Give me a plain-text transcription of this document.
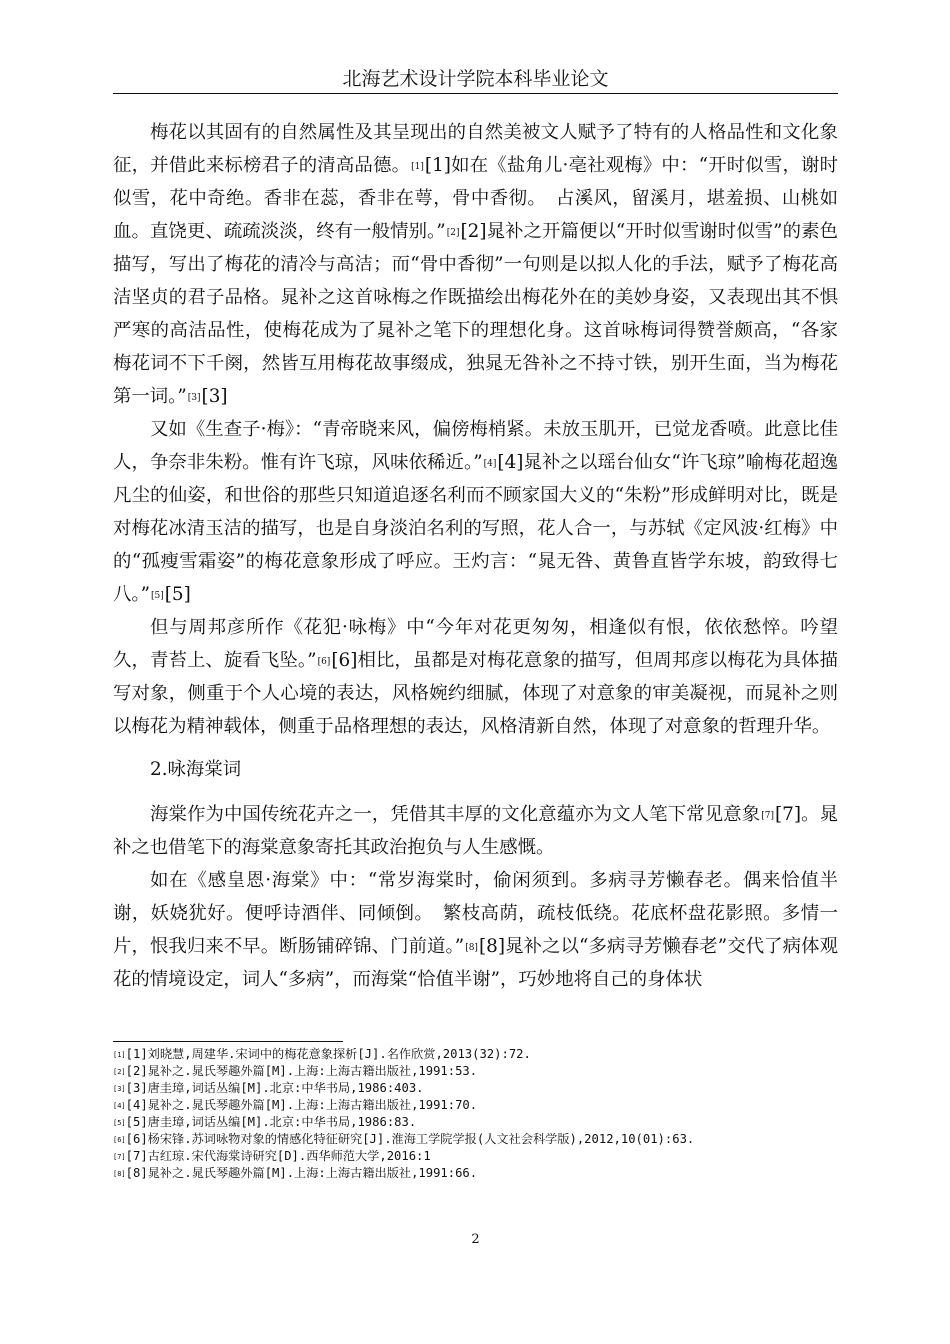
北海艺术设计学院本科毕业论文

梅花以其固有的自然属性及其呈现出的自然美被文人赋予了特有的人格品性和文化象征，并借此来标榜君子的清高品德。[1][1]如在《盐角儿·亳社观梅》中：“开时似雪，谢时似雪，花中奇绝。香非在蕊，香非在萼，骨中香彻。　占溪风，留溪月，堪羞损、山桃如血。直饶更、疏疏淡淡，终有一般情别。”[2][2]晁补之开篇便以“开时似雪谢时似雪”的素色描写，写出了梅花的清冷与高洁；而“骨中香彻”一句则是以拟人化的手法，赋予了梅花高洁坚贞的君子品格。晁补之这首咏梅之作既描绘出梅花外在的美妙身姿，又表现出其不惧严寒的高洁品性，使梅花成为了晁补之笔下的理想化身。这首咏梅词得赞誉颇高，“各家梅花词不下千阕，然皆互用梅花故事缀成，独晁无咎补之不持寸铁，别开生面，当为梅花第一词。”[3][3]

又如《生查子·梅》：“青帝晓来风，偏傍梅梢紧。未放玉肌开，已觉龙香喷。此意比佳人，争奈非朱粉。惟有许飞琼，风味依稀近。”[4][4]晁补之以瑶台仙女“许飞琼”喻梅花超逸凡尘的仙姿，和世俗的那些只知道追逐名利而不顾家国大义的“朱粉”形成鲜明对比，既是对梅花冰清玉洁的描写，也是自身淡泊名利的写照，花人合一，与苏轼《定风波·红梅》中的“孤瘦雪霜姿”的梅花意象形成了呼应。王灼言：“晁无咎、黄鲁直皆学东坡，韵致得七八。”[5][5]

但与周邦彦所作《花犯·咏梅》中“今年对花更匆匆，相逢似有恨，依依愁悴。吟望久，青苔上、旋看飞坠。”[6][6]相比，虽都是对梅花意象的描写，但周邦彦以梅花为具体描写对象，侧重于个人心境的表达，风格婉约细腻，体现了对意象的审美凝视，而晁补之则以梅花为精神载体，侧重于品格理想的表达，风格清新自然，体现了对意象的哲理升华。

2.咏海棠词

海棠作为中国传统花卉之一，凭借其丰厚的文化意蕴亦为文人笔下常见意象[7][7]。晁补之也借笔下的海棠意象寄托其政治抱负与人生感慨。

如在《感皇恩·海棠》中：“常岁海棠时，偷闲须到。多病寻芳懒春老。偶来恰值半谢，妖娆犹好。便呼诗酒伴、同倾倒。　繁枝高荫，疏枝低绕。花底杯盘花影照。多情一片，恨我归来不早。断肠铺碎锦、门前道。”[8][8]晁补之以“多病寻芳懒春老”交代了病体观花的情境设定，词人“多病”，而海棠“恰值半谢”，巧妙地将自己的身体状

[1][1]刘晓慧,周建华.宋词中的梅花意象探析[J].名作欣赏,2013(32):72.

[2][2]晁补之.晁氏琴趣外篇[M].上海:上海古籍出版社,1991:53.

[3][3]唐圭璋,词话丛编[M].北京:中华书局,1986:403.

[4][4]晁补之.晁氏琴趣外篇[M].上海:上海古籍出版社,1991:70.

[5][5]唐圭璋,词话丛编[M].北京:中华书局,1986:83.

[6][6]杨宋锋.苏词咏物对象的情感化特征研究[J].淮海工学院学报(人文社会科学版),2012,10(01):63.

[7][7]古红琼.宋代海棠诗研究[D].西华师范大学,2016:1

[8][8]晁补之.晁氏琴趣外篇[M].上海:上海古籍出版社,1991:66.

2
